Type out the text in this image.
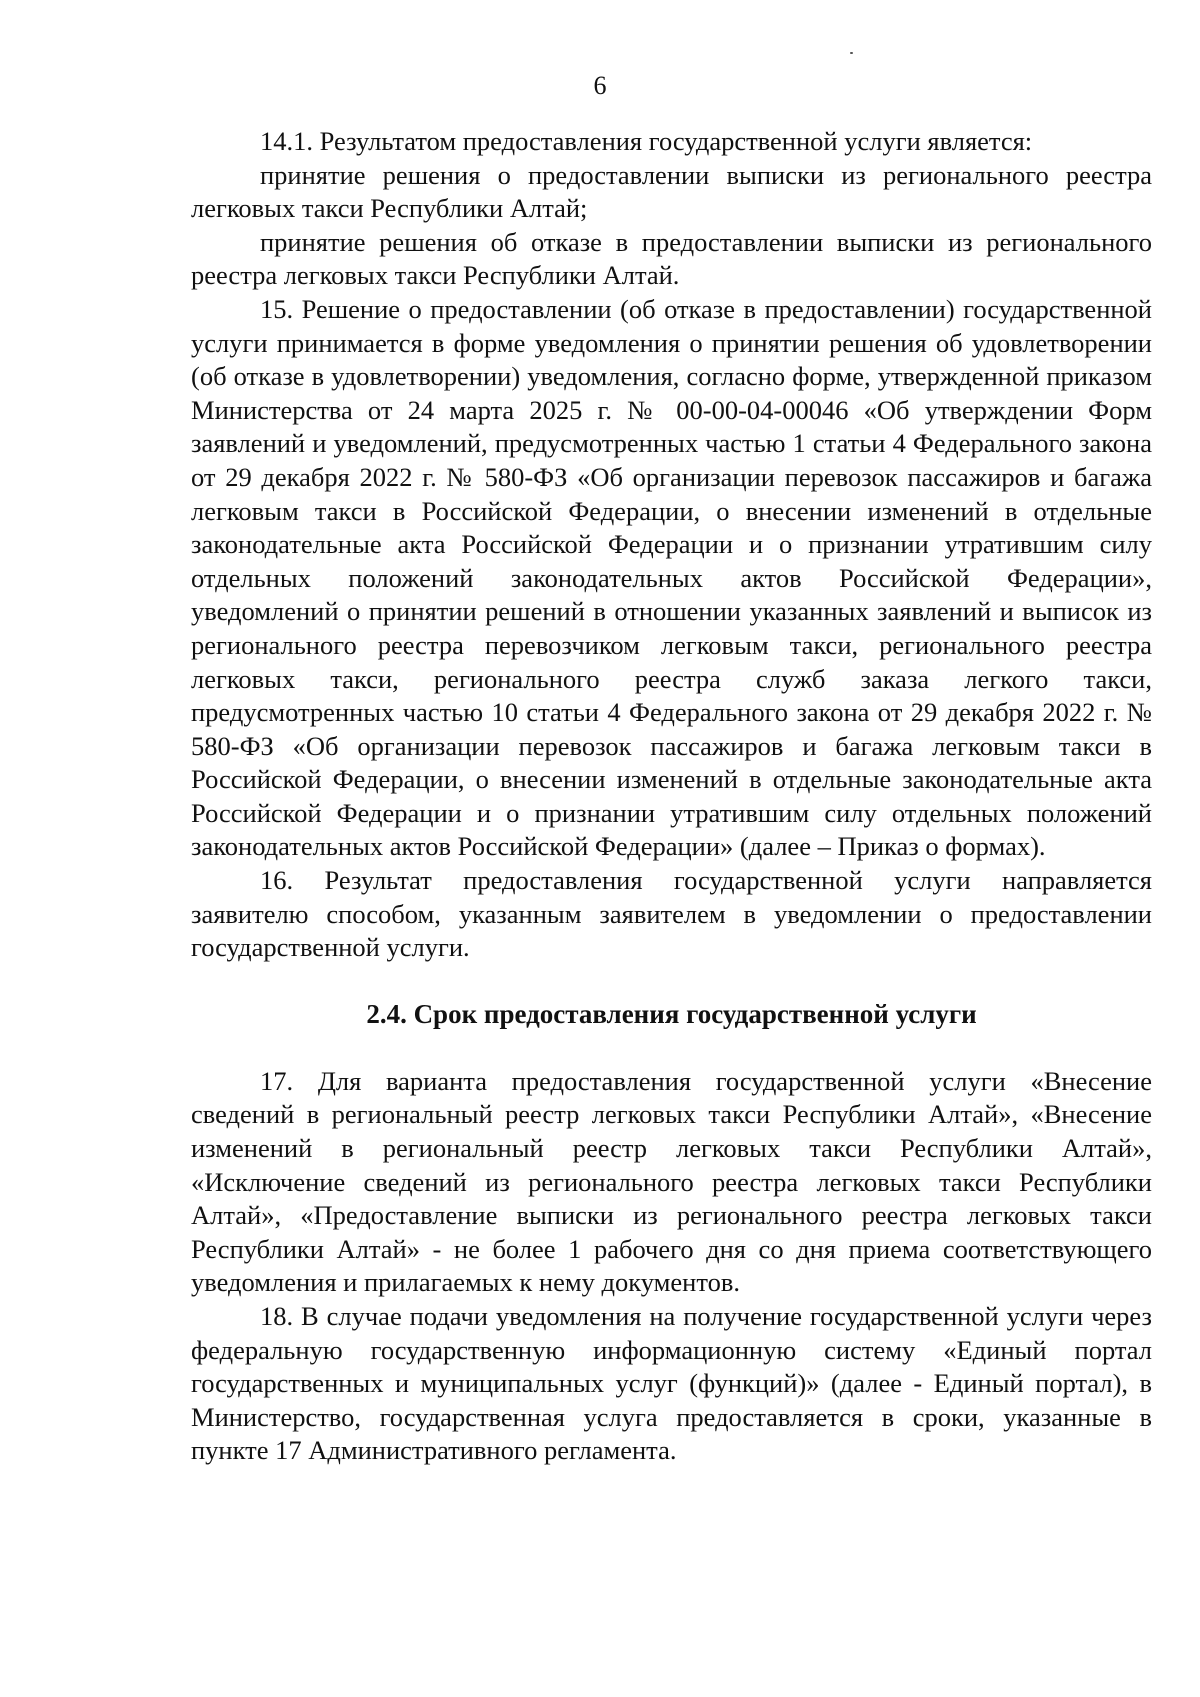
6

14.1. Результатом предоставления государственной услуги является:

принятие решения о предоставлении выписки из регионального реестра легковых такси Республики Алтай;

принятие решения об отказе в предоставлении выписки из регионального реестра легковых такси Республики Алтай.

15. Решение о предоставлении (об отказе в предоставлении) государственной услуги принимается в форме уведомления о принятии решения об удовлетворении (об отказе в удовлетворении) уведомления, согласно форме, утвержденной приказом Министерства от 24 марта 2025 г. № 00-00-04-00046 «Об утверждении Форм заявлений и уведомлений, предусмотренных частью 1 статьи 4 Федерального закона от 29 декабря 2022 г. № 580-ФЗ «Об организации перевозок пассажиров и багажа легковым такси в Российской Федерации, о внесении изменений в отдельные законодательные акта Российской Федерации и о признании утратившим силу отдельных положений законодательных актов Российской Федерации», уведомлений о принятии решений в отношении указанных заявлений и выписок из регионального реестра перевозчиком легковым такси, регионального реестра легковых такси, регионального реестра служб заказа легкого такси, предусмотренных частью 10 статьи 4 Федерального закона от 29 декабря 2022 г. № 580-ФЗ «Об организации перевозок пассажиров и багажа легковым такси в Российской Федерации, о внесении изменений в отдельные законодательные акта Российской Федерации и о признании утратившим силу отдельных положений законодательных актов Российской Федерации» (далее – Приказ о формах).

16. Результат предоставления государственной услуги направляется заявителю способом, указанным заявителем в уведомлении о предоставлении государственной услуги.

2.4. Срок предоставления государственной услуги

17. Для варианта предоставления государственной услуги «Внесение сведений в региональный реестр легковых такси Республики Алтай», «Внесение изменений в региональный реестр легковых такси Республики Алтай», «Исключение сведений из регионального реестра легковых такси Республики Алтай», «Предоставление выписки из регионального реестра легковых такси Республики Алтай» - не более 1 рабочего дня со дня приема соответствующего уведомления и прилагаемых к нему документов.

18. В случае подачи уведомления на получение государственной услуги через федеральную государственную информационную систему «Единый портал государственных и муниципальных услуг (функций)» (далее - Единый портал), в Министерство, государственная услуга предоставляется в сроки, указанные в пункте 17 Административного регламента.
